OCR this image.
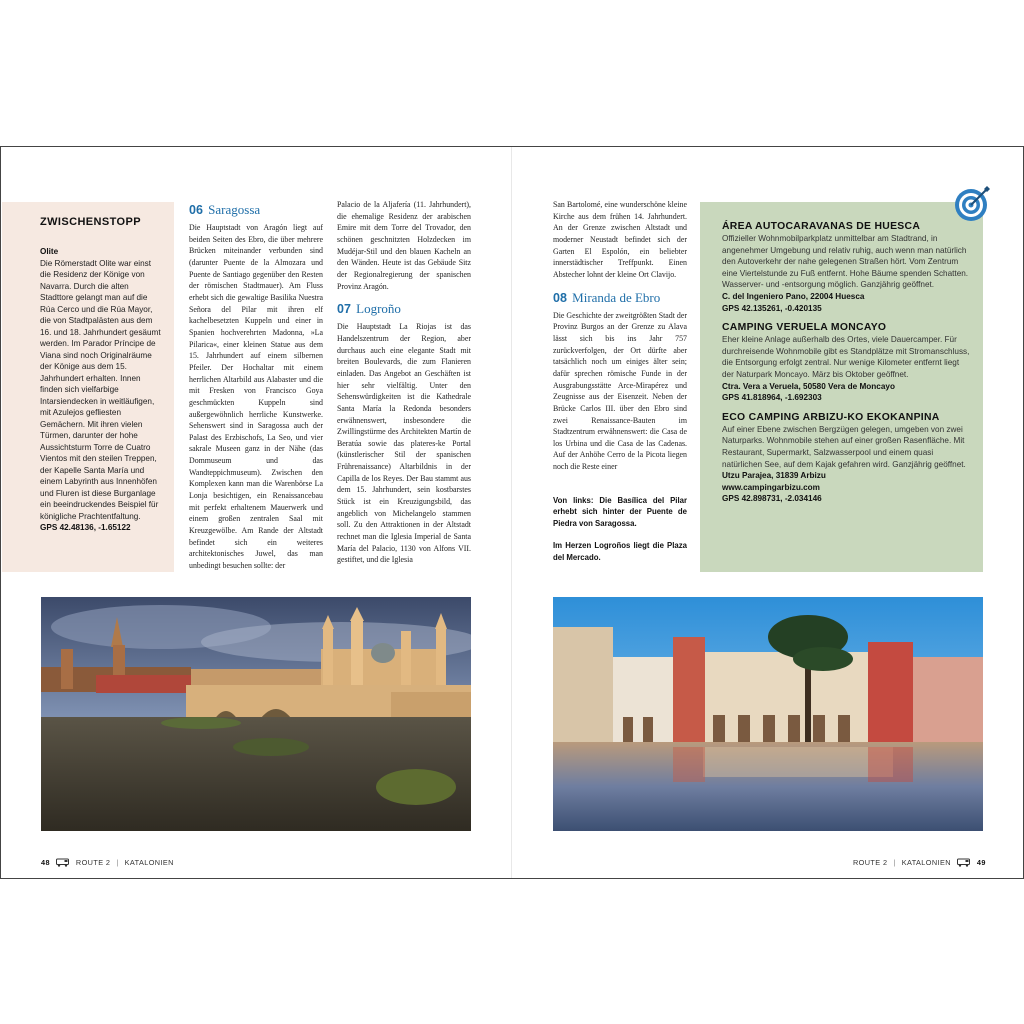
ZWISCHENSTOPP
Olite
Die Römerstadt Olite war einst die Residenz der Könige von Navarra. Durch die alten Stadttore gelangt man auf die Rúa Cerco und die Rúa Mayor, die von Stadtpalästen aus dem 16. und 18. Jahrhundert gesäumt werden. Im Parador Príncipe de Viana sind noch Originalräume der Könige aus dem 15. Jahrhundert erhalten. Innen finden sich vielfarbige Intarsiendecken in weitläufigen, mit Azulejos gefliesten Gemächern. Mit ihren vielen Türmen, darunter der hohe Aussichtsturm Torre de Cuatro Vientos mit den steilen Treppen, der Kapelle Santa María und einem Labyrinth aus Innenhöfen und Fluren ist diese Burganlage ein beeindruckendes Beispiel für königliche Prachtentfaltung.
GPS 42.48136, -1.65122
06 Saragossa

Die Hauptstadt von Aragón liegt auf beiden Seiten des Ebro, die über mehrere Brücken miteinander verbunden sind (darunter Puente de la Almozara und Puente de Santiago gegenüber den Resten der römischen Stadtmauer). Am Fluss erhebt sich die gewaltige Basilika Nuestra Señora del Pilar mit ihren elf kachelbesetzten Kuppeln und einer in Spanien hochverehrten Madonna, »La Pilarica«, einer kleinen Statue aus dem 15. Jahrhundert auf einem silbernen Pfeiler. Der Hochaltar mit einem herrlichen Altarbild aus Alabaster und die mit Fresken von Francisco Goya geschmückten Kuppeln sind außergewöhnlich herrliche Kunstwerke. Sehenswert sind in Saragossa auch der Palast des Erzbischofs, La Seo, und vier sakrale Museen ganz in der Nähe (das Dommuseum und das Wandteppichmuseum). Zwischen den Komplexen kann man die Warenbörse La Lonja besichtigen, ein Renaissancebau mit perfekt erhaltenem Mauerwerk und einem großen zentralen Saal mit Kreuzgewölbe. Am Rande der Altstadt befindet sich ein weiteres architektonisches Juwel, das man unbedingt besuchen sollte: der

Palacio de la Aljafería (11. Jahrhundert), die ehemalige Residenz der arabischen Emire mit dem Torre del Trovador, den schönen geschnitzten Holzdecken im Mudéjar-Stil und den blauen Kacheln an den Wänden. Heute ist das Gebäude Sitz der Regionalregierung der spanischen Provinz Aragón.

07 Logroño

Die Hauptstadt La Riojas ist das Handelszentrum der Region, aber durchaus auch eine elegante Stadt mit breiten Boulevards, die zum Flanieren einladen. Das Angebot an Geschäften ist hier sehr vielfältig. Unter den Sehenswürdigkeiten ist die Kathedrale Santa María la Redonda besonders erwähnenswert, insbesondere die Zwillingstürme des Architekten Martín de Beratúa sowie das plateres-ke Portal (künstlerischer Stil der spanischen Frührenaissance) Altarbildnis in der Capilla de los Reyes. Der Bau stammt aus dem 15. Jahrhundert, sein kostbarstes Stück ist ein Kreuzigungsbild, das angeblich von Michelangelo stammen soll. Zu den Attraktionen in der Altstadt rechnet man die Iglesia Imperial de Santa María del Palacio, 1130 von Alfons VII. gestiftet, und die Iglesia

48	ROUTE 2 | KATALONIEN

San Bartolomé, eine wunderschöne kleine Kirche aus dem frühen 14. Jahrhundert. An der Grenze zwischen Altstadt und moderner Neustadt befindet sich der Garten El Espolón, ein beliebter innerstädtischer Treffpunkt. Einen Abstecher lohnt der kleine Ort Clavijo.

08 Miranda de Ebro

Die Geschichte der zweitgrößten Stadt der Provinz Burgos an der Grenze zu Alava lässt sich bis ins Jahr 757 zurückverfolgen, der Ort dürfte aber tatsächlich noch um einiges älter sein; dafür sprechen römische Funde in der Ausgrabungsstätte Arce-Mirapérez und Zeugnisse aus der Eisenzeit. Neben der Brücke Carlos III. über den Ebro sind zwei Renaissance-Bauten im Stadtzentrum erwähnenswert: die Casa de los Urbina und die Casa de las Cadenas. Auf der Anhöhe Cerro de la Picota liegen noch die Reste einer

Von links: Die Basílica del Pilar erhebt sich hinter der Puente de Piedra von Saragossa.
Im Herzen Logroños liegt die Plaza del Mercado.
ÁREA AUTOCARAVANAS DE HUESCA
Offizieller Wohnmobilparkplatz unmittelbar am Stadtrand, in angenehmer Umgebung und relativ ruhig, auch wenn man natürlich den Autoverkehr der nahe gelegenen Straßen hört. Vom Zentrum eine Viertelstunde zu Fuß entfernt. Hohe Bäume spenden Schatten. Wasserver- und -entsorgung möglich. Ganzjährig geöffnet.
C. del Ingeniero Pano, 22004 Huesca
GPS 42.135261, -0.420135
CAMPING VERUELA MONCAYO
Eher kleine Anlage außerhalb des Ortes, viele Dauercamper. Für durchreisende Wohnmobile gibt es Standplätze mit Stromanschluss, die Entsorgung erfolgt zentral. Nur wenige Kilometer entfernt liegt der Naturpark Moncayo. März bis Oktober geöffnet.
Ctra. Vera a Veruela, 50580 Vera de Moncayo
GPS 41.818964, -1.692303
ECO CAMPING ARBIZU-KO EKOKANPINA
Auf einer Ebene zwischen Bergzügen gelegen, umgeben von zwei Naturparks. Wohnmobile stehen auf einer großen Rasenfläche. Mit Restaurant, Supermarkt, Salzwasserpool und einem quasi natürlichen See, auf dem Kajak gefahren wird. Ganzjährig geöffnet.
Utzu Parajea, 31839 Arbizu
www.campingarbizu.com
GPS 42.898731, -2.034146
ROUTE 2 | KATALONIEN	49
